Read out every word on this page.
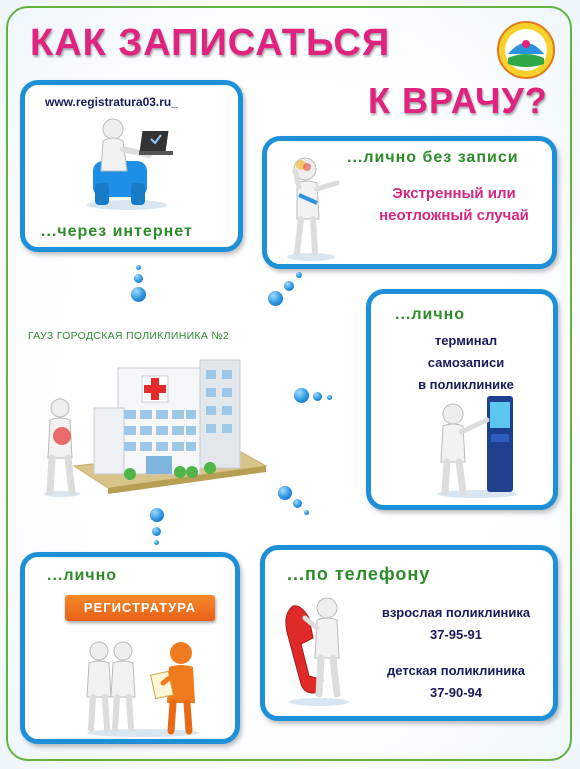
КАК ЗАПИСАТЬСЯ
К ВРАЧУ?
www.registratura03.ru_
...через интернет
...лично без записи
Экстренный или
неотложный случай
...лично
терминал
самозаписи
в поликлинике
ГАУЗ ГОРОДСКАЯ ПОЛИКЛИНИКА №2
...лично
РЕГИСТРАТУРА
...по телефону
взрослая поликлиника
37-95-91
детская поликлиника
37-90-94
